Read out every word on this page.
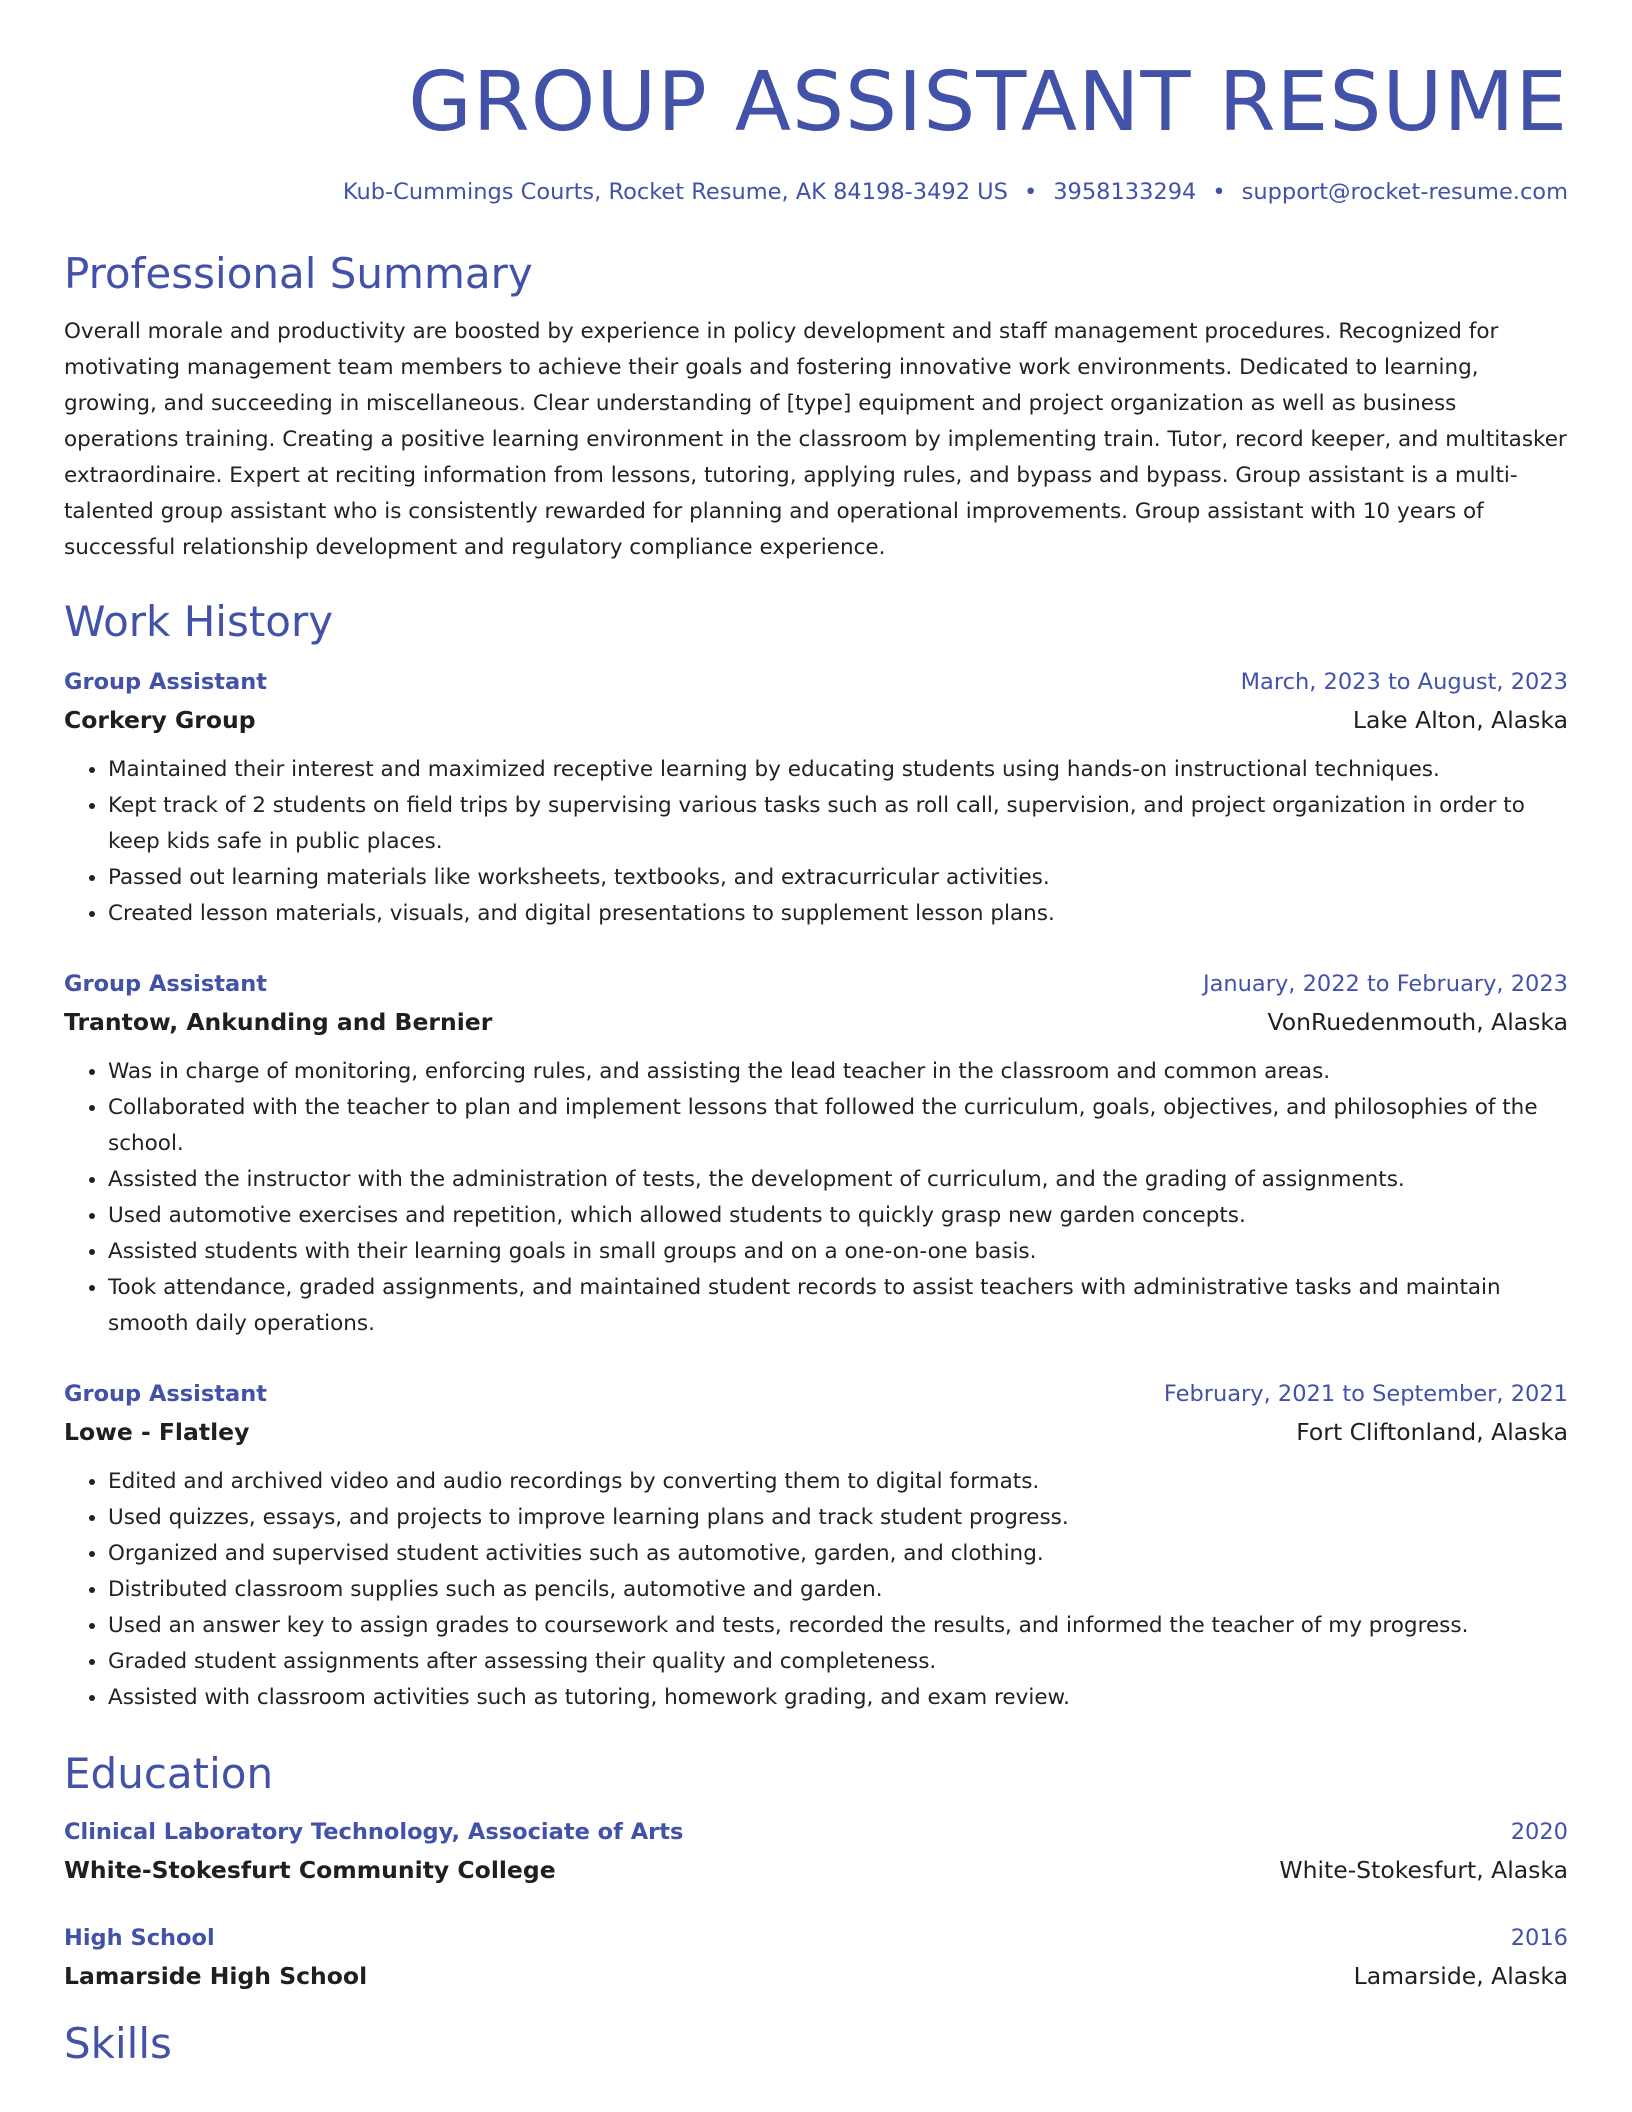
GROUP ASSISTANT RESUME
Kub-Cummings Courts, Rocket Resume, AK 84198-3492 US • 3958133294 • support@rocket-resume.com
Professional Summary
Overall morale and productivity are boosted by experience in policy development and staff management procedures. Recognized for motivating management team members to achieve their goals and fostering innovative work environments. Dedicated to learning, growing, and succeeding in miscellaneous. Clear understanding of [type] equipment and project organization as well as business operations training. Creating a positive learning environment in the classroom by implementing train. Tutor, record keeper, and multitasker extraordinaire. Expert at reciting information from lessons, tutoring, applying rules, and bypass and bypass. Group assistant is a multi-talented group assistant who is consistently rewarded for planning and operational improvements. Group assistant with 10 years of successful relationship development and regulatory compliance experience.
Work History
Group Assistant	March, 2023 to August, 2023
Corkery Group	Lake Alton, Alaska
• Maintained their interest and maximized receptive learning by educating students using hands-on instructional techniques.
• Kept track of 2 students on field trips by supervising various tasks such as roll call, supervision, and project organization in order to keep kids safe in public places.
• Passed out learning materials like worksheets, textbooks, and extracurricular activities.
• Created lesson materials, visuals, and digital presentations to supplement lesson plans.
Group Assistant	January, 2022 to February, 2023
Trantow, Ankunding and Bernier	VonRuedenmouth, Alaska
• Was in charge of monitoring, enforcing rules, and assisting the lead teacher in the classroom and common areas.
• Collaborated with the teacher to plan and implement lessons that followed the curriculum, goals, objectives, and philosophies of the school.
• Assisted the instructor with the administration of tests, the development of curriculum, and the grading of assignments.
• Used automotive exercises and repetition, which allowed students to quickly grasp new garden concepts.
• Assisted students with their learning goals in small groups and on a one-on-one basis.
• Took attendance, graded assignments, and maintained student records to assist teachers with administrative tasks and maintain smooth daily operations.
Group Assistant	February, 2021 to September, 2021
Lowe - Flatley	Fort Cliftonland, Alaska
• Edited and archived video and audio recordings by converting them to digital formats.
• Used quizzes, essays, and projects to improve learning plans and track student progress.
• Organized and supervised student activities such as automotive, garden, and clothing.
• Distributed classroom supplies such as pencils, automotive and garden.
• Used an answer key to assign grades to coursework and tests, recorded the results, and informed the teacher of my progress.
• Graded student assignments after assessing their quality and completeness.
• Assisted with classroom activities such as tutoring, homework grading, and exam review.
Education
Clinical Laboratory Technology, Associate of Arts	2020
White-Stokesfurt Community College	White-Stokesfurt, Alaska
High School	2016
Lamarside High School	Lamarside, Alaska
Skills
